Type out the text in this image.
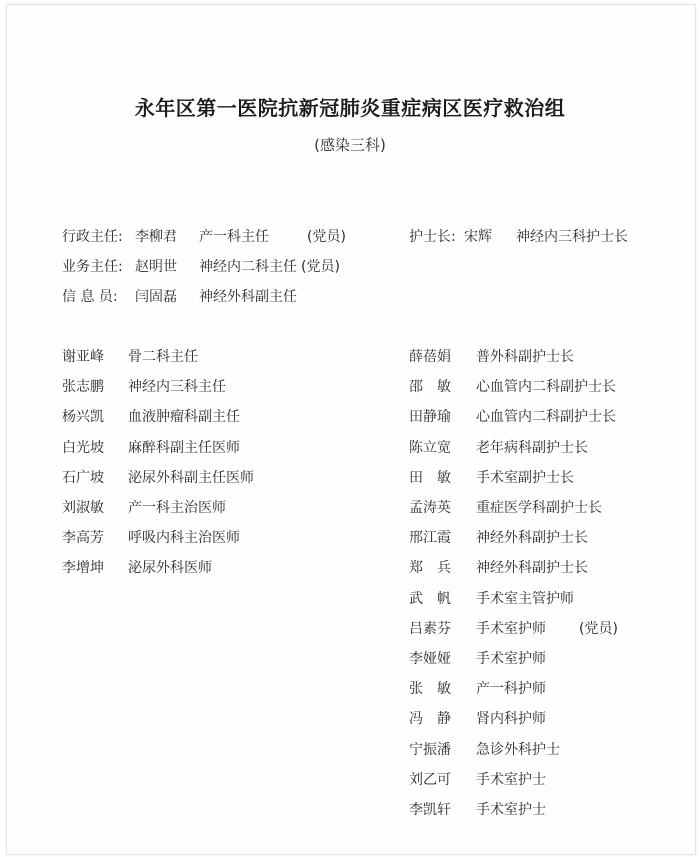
永年区第一医院抗新冠肺炎重症病区医疗救治组
(感染三科)
行政主任: 李柳君 产一科主任	(党员)
业务主任: 赵明世 神经内二科主任 (党员)
信 息 员: 闫固磊 神经外科副主任
护士长: 宋辉 神经内三科护士长
谢亚峰 骨二科主任
张志鹏 神经内三科主任
杨兴凯 血液肿瘤科副主任
白光坡 麻醉科副主任医师
石广坡 泌尿外科副主任医师
刘淑敏 产一科主治医师
李高芳 呼吸内科主治医师
李增坤 泌尿外科医师
薛蓓娟 普外科副护士长
邵　敏 心血管内二科副护士长
田静瑜 心血管内二科副护士长
陈立宽 老年病科副护士长
田　敏 手术室副护士长
孟涛英 重症医学科副护士长
邢江霞 神经外科副护士长
郑　兵 神经外科副护士长
武　帆 手术室主管护师
吕素芬 手术室护师 (党员)
李娅娅 手术室护师
张　敏 产一科护师
冯　静 肾内科护师
宁振潘 急诊外科护士
刘乙可 手术室护士
李凯轩 手术室护士
